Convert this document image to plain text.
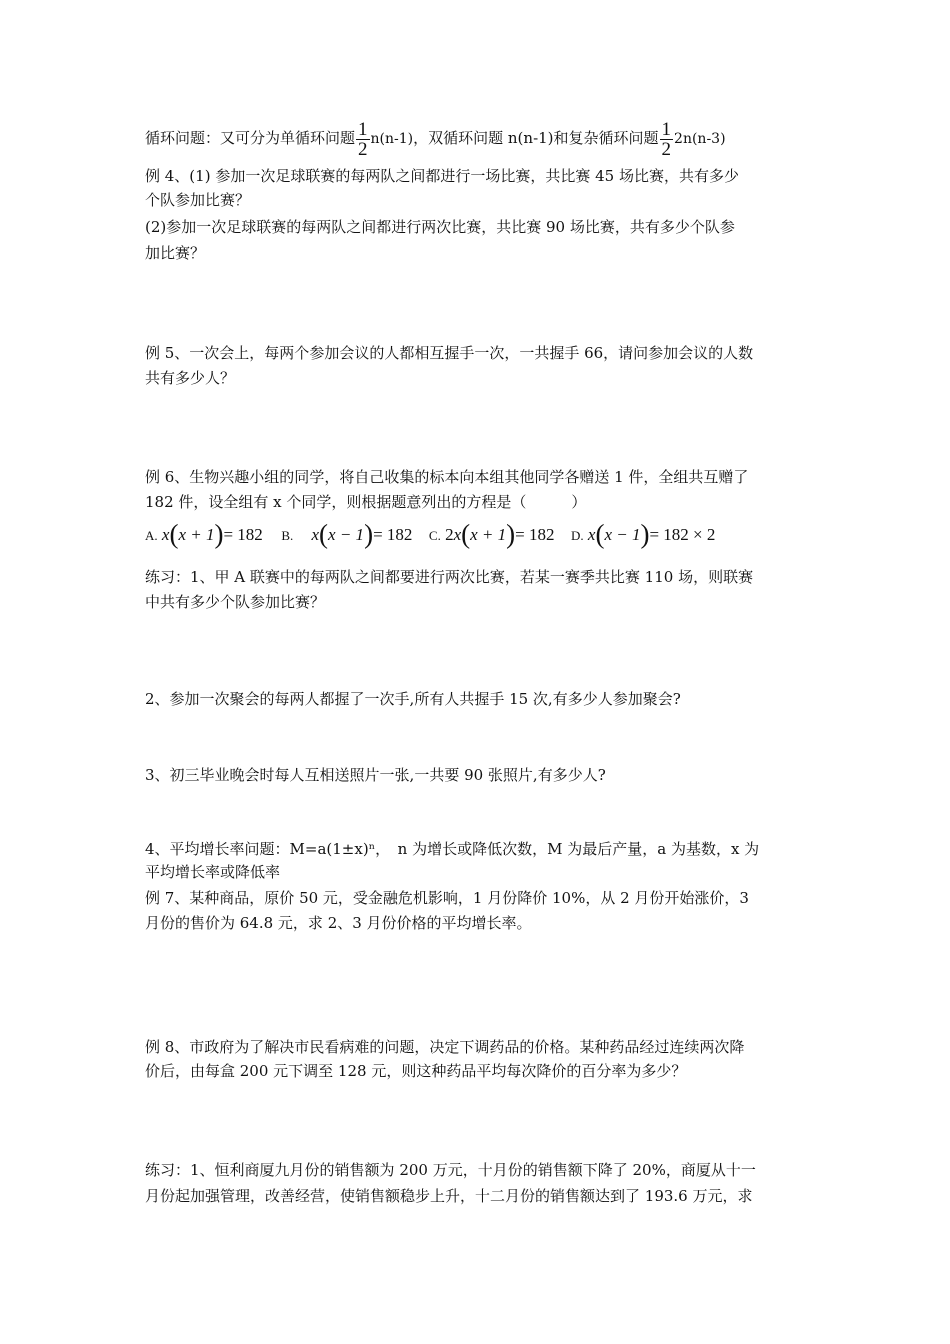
循环问题：又可分为单循环问题 $\frac{1}{2} n(n-1)$，双循环问题 n(n-1)和复杂循环问题 $\frac{1}{2} 2n(n-3)$
例 4、(1) 参加一次足球联赛的每两队之间都进行一场比赛，共比赛 45 场比赛，共有多少
个队参加比赛？
(2)参加一次足球联赛的每两队之间都进行两次比赛，共比赛 90 场比赛，共有多少个队参
加比赛？
例 5、一次会上，每两个参加会议的人都相互握手一次，一共握手 66，请问参加会议的人数
共有多少人？
例 6、生物兴趣小组的同学，将自己收集的标本向本组其他同学各赠送 1 件，全组共互赠了
182 件，设全组有 x 个同学，则根据题意列出的方程是（　　　）
A. x(x + 1)= 182 B. x(x − 1)= 182 C. 2x(x + 1)= 182 D. x(x − 1)= 182 × 2
练习：1、甲 A 联赛中的每两队之间都要进行两次比赛，若某一赛季共比赛 110 场，则联赛
中共有多少个队参加比赛？
2、参加一次聚会的每两人都握了一次手,所有人共握手 15 次,有多少人参加聚会?
3、初三毕业晚会时每人互相送照片一张,一共要 90 张照片,有多少人?
4、平均增长率问题：M=a(1±x)ⁿ，　n 为增长或降低次数，M 为最后产量，a 为基数，x 为
平均增长率或降低率
例 7、某种商品，原价 50 元，受金融危机影响，1 月份降价 10%，从 2 月份开始涨价，3
月份的售价为 64.8 元，求 2、3 月份价格的平均增长率。
例 8、市政府为了解决市民看病难的问题，决定下调药品的价格。某种药品经过连续两次降
价后，由每盒 200 元下调至 128 元，则这种药品平均每次降价的百分率为多少？
练习：1、恒利商厦九月份的销售额为 200 万元，十月份的销售额下降了 20%，商厦从十一
月份起加强管理，改善经营，使销售额稳步上升，十二月份的销售额达到了 193.6 万元，求
